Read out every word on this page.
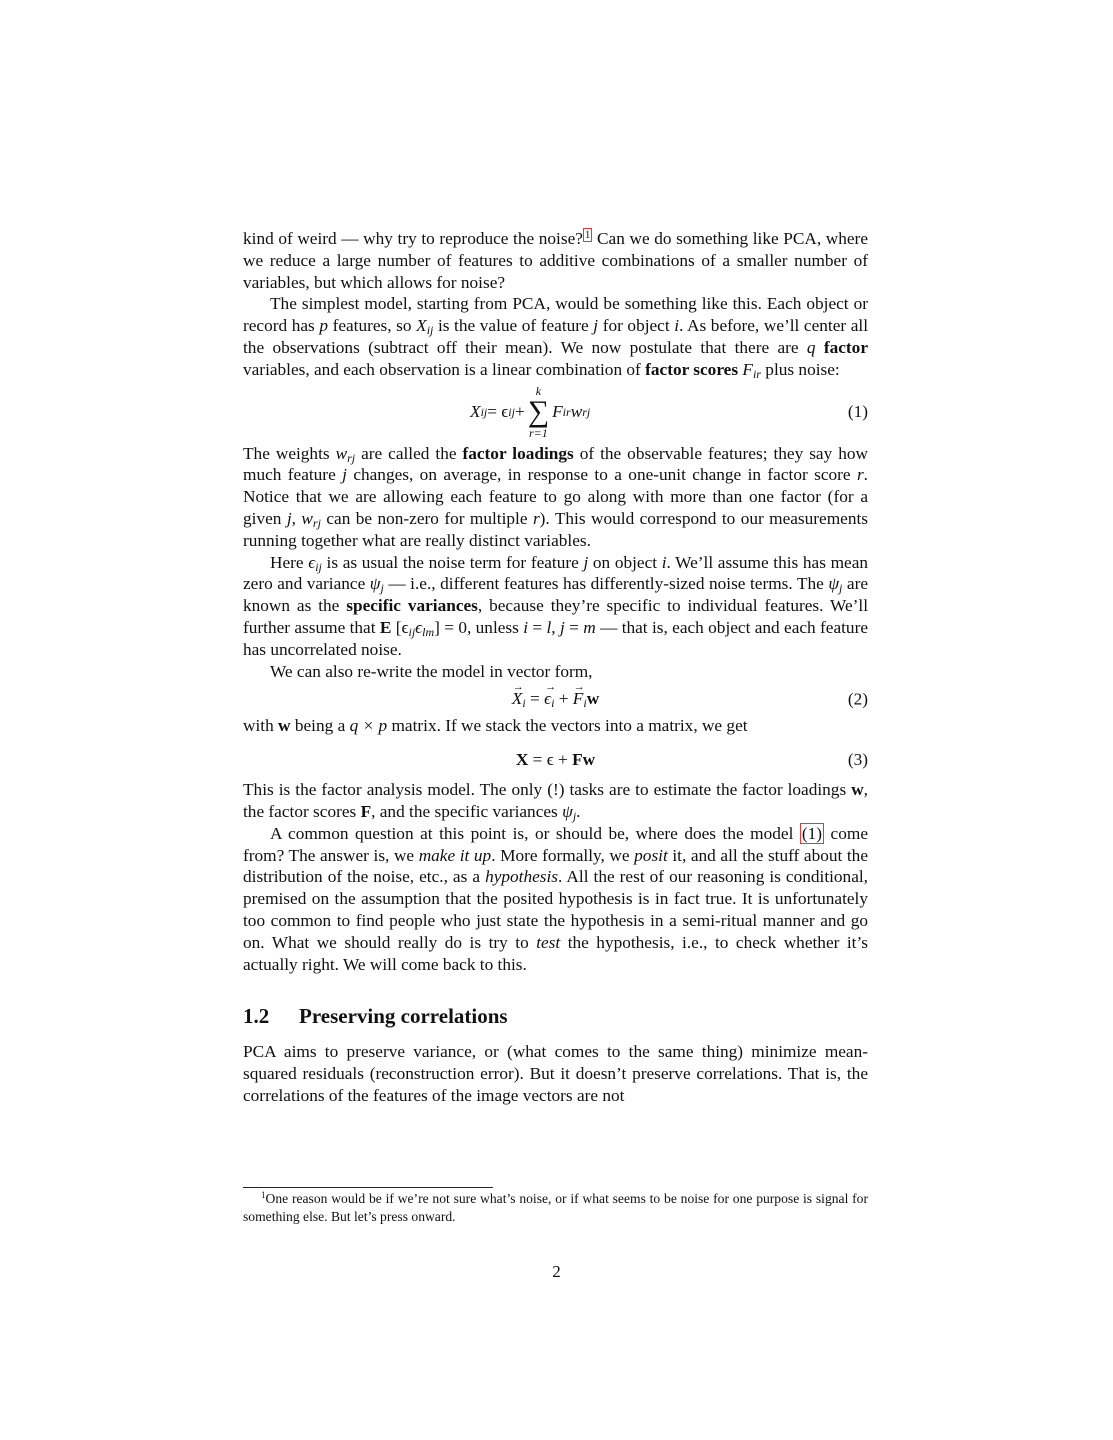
kind of weird — why try to reproduce the noise? $^1$ Can we do something like PCA, where we reduce a large number of features to additive combinations of a smaller number of variables, but which allows for noise?

The simplest model, starting from PCA, would be something like this. Each object or record has p features, so $X_{ij}$ is the value of feature j for object i. As before, we’ll center all the observations (subtract off their mean). We now postulate that there are q factor variables, and each observation is a linear combination of factor scores $F_{ir}$ plus noise:

X ij = ϵ ij +
k
∑
r=1
F ir w rj	(1)

The weights $w_{rj}$ are called the factor loadings of the observable features; they say how much feature j changes, on average, in response to a one-unit change in factor score r. Notice that we are allowing each feature to go along with more than one factor (for a given j, $w_{rj}$ can be non-zero for multiple r). This would correspond to our measurements running together what are really distinct variables.

Here $\epsilon_{ij}$ is as usual the noise term for feature j on object i. We’ll assume this has mean zero and variance $\psi_j$ — i.e., different features has differently-sized noise terms. The $\psi_j$ are known as the specific variances, because they’re specific to individual features. We’ll further assume that E $[\epsilon_{ij}\epsilon_{lm}] = 0$, unless i = l, j = m — that is, each object and each feature has uncorrelated noise.

We can also re-write the model in vector form,

→ $X_i$ = → $\epsilon_i$ + → $F_iw$	(2)

with w being a q × p matrix. If we stack the vectors into a matrix, we get

X = ϵ + Fw	(3)

This is the factor analysis model. The only (!) tasks are to estimate the factor loadings w, the factor scores F, and the specific variances $\psi_j$.

A common question at this point is, or should be, where does the model (1) come from? The answer is, we make it up. More formally, we posit it, and all the stuff about the distribution of the noise, etc., as a hypothesis. All the rest of our reasoning is conditional, premised on the assumption that the posited hypothesis is in fact true. It is unfortunately too common to find people who just state the hypothesis in a semi-ritual manner and go on. What we should really do is try to test the hypothesis, i.e., to check whether it’s actually right. We will come back to this.

1.2 Preserving correlations

PCA aims to preserve variance, or (what comes to the same thing) minimize mean-squared residuals (reconstruction error). But it doesn’t preserve correlations. That is, the correlations of the features of the image vectors are not

$^1$One reason would be if we’re not sure what’s noise, or if what seems to be noise for one purpose is signal for something else. But let’s press onward.
2
